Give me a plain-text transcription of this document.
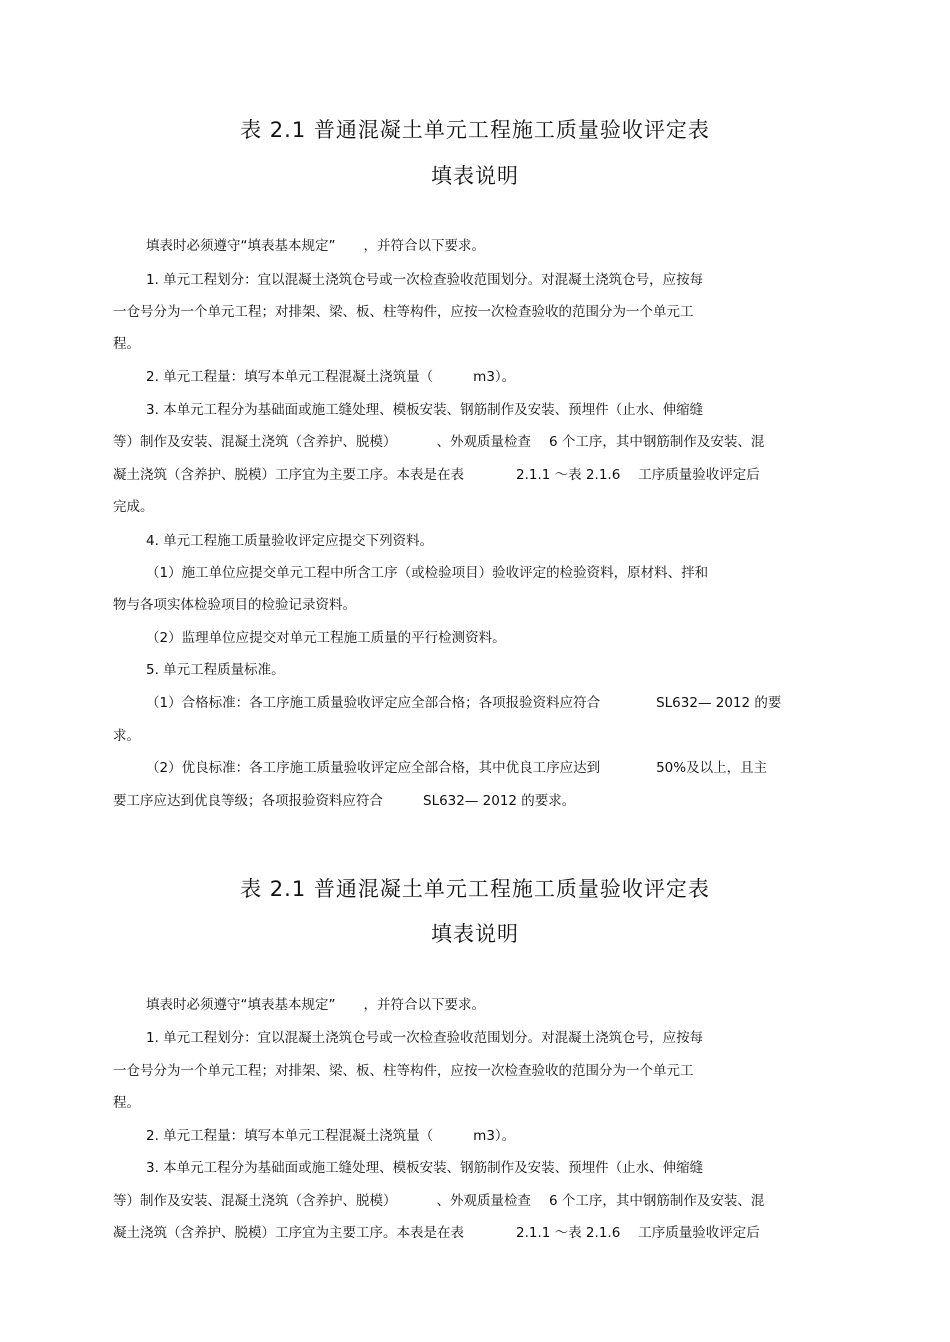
表 2.1 普通混凝土单元工程施工质量验收评定表
填表说明
填表时必须遵守“填表基本规定” ，并符合以下要求。
1. 单元工程划分：宜以混凝土浇筑仓号或一次检查验收范围划分。对混凝土浇筑仓号，应按每
一仓号分为一个单元工程；对排架、梁、板、柱等构件，应按一次检查验收的范围分为一个单元工
程。
2. 单元工程量：填写本单元工程混凝土浇筑量（	m3）。
3. 本单元工程分为基础面或施工缝处理、模板安装、钢筋制作及安装、预埋件（止水、伸缩缝
等）制作及安装、混凝土浇筑（含养护、脱模）	、外观质量检查 6 个工序，其中钢筋制作及安装、混
凝土浇筑（含养护、脱模）工序宜为主要工序。本表是在表	2.1.1 ～表 2.1.6 工序质量验收评定后
完成。
4. 单元工程施工质量验收评定应提交下列资料。
（1）施工单位应提交单元工程中所含工序（或检验项目）验收评定的检验资料，原材料、拌和
物与各项实体检验项目的检验记录资料。
（2）监理单位应提交对单元工程施工质量的平行检测资料。
5. 单元工程质量标准。
（1）合格标准：各工序施工质量验收评定应全部合格；各项报验资料应符合	SL632— 2012 的要
求。
（2）优良标准：各工序施工质量验收评定应全部合格，其中优良工序应达到	50%及以上，且主
要工序应达到优良等级；各项报验资料应符合	SL632— 2012 的要求。
表 2.1 普通混凝土单元工程施工质量验收评定表
填表说明
填表时必须遵守“填表基本规定” ，并符合以下要求。
1. 单元工程划分：宜以混凝土浇筑仓号或一次检查验收范围划分。对混凝土浇筑仓号，应按每
一仓号分为一个单元工程；对排架、梁、板、柱等构件，应按一次检查验收的范围分为一个单元工
程。
2. 单元工程量：填写本单元工程混凝土浇筑量（	m3）。
3. 本单元工程分为基础面或施工缝处理、模板安装、钢筋制作及安装、预埋件（止水、伸缩缝
等）制作及安装、混凝土浇筑（含养护、脱模）	、外观质量检查 6 个工序，其中钢筋制作及安装、混
凝土浇筑（含养护、脱模）工序宜为主要工序。本表是在表	2.1.1 ～表 2.1.6 工序质量验收评定后
